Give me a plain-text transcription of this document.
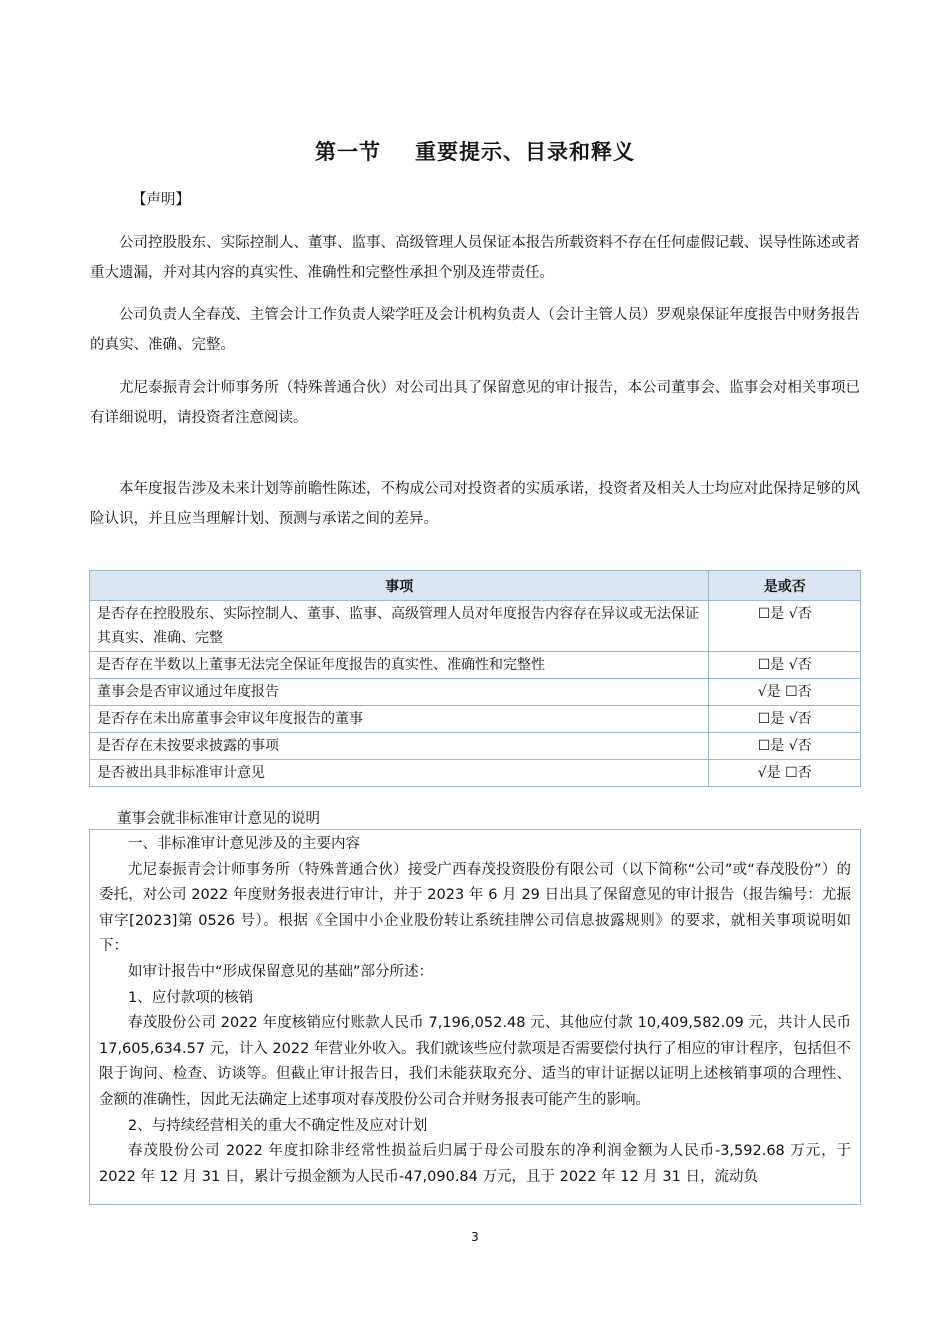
第一节 重要提示、目录和释义
【声明】

公司控股股东、实际控制人、董事、监事、高级管理人员保证本报告所载资料不存在任何虚假记载、误导性陈述或者重大遗漏，并对其内容的真实性、准确性和完整性承担个别及连带责任。

公司负责人全春茂、主管会计工作负责人梁学旺及会计机构负责人（会计主管人员）罗观泉保证年度报告中财务报告的真实、准确、完整。

尤尼泰振青会计师事务所（特殊普通合伙）对公司出具了保留意见的审计报告，本公司董事会、监事会对相关事项已有详细说明，请投资者注意阅读。

本年度报告涉及未来计划等前瞻性陈述，不构成公司对投资者的实质承诺，投资者及相关人士均应对此保持足够的风险认识，并且应当理解计划、预测与承诺之间的差异。

事项	是或否
是否存在控股股东、实际控制人、董事、监事、高级管理人员对年度报告内容存在异议或无法保证其真实、准确、完整	☐是 √否
是否存在半数以上董事无法完全保证年度报告的真实性、准确性和完整性	☐是 √否
董事会是否审议通过年度报告	√是 ☐否
是否存在未出席董事会审议年度报告的董事	☐是 √否
是否存在未按要求披露的事项	☐是 √否
是否被出具非标准审计意见	√是 ☐否
董事会就非标准审计意见的说明

一、非标准审计意见涉及的主要内容

尤尼泰振青会计师事务所（特殊普通合伙）接受广西春茂投资股份有限公司（以下简称“公司”或“春茂股份”）的委托，对公司 2022 年度财务报表进行审计，并于 2023 年 6 月 29 日出具了保留意见的审计报告（报告编号：尤振审字[2023]第 0526 号）。根据《全国中小企业股份转让系统挂牌公司信息披露规则》的要求，就相关事项说明如下：

如审计报告中“形成保留意见的基础”部分所述：

1、应付款项的核销

春茂股份公司 2022 年度核销应付账款人民币 7,196,052.48 元、其他应付款 10,409,582.09 元，共计人民币 17,605,634.57 元，计入 2022 年营业外收入。我们就该些应付款项是否需要偿付执行了相应的审计程序，包括但不限于询问、检查、访谈等。但截止审计报告日，我们未能获取充分、适当的审计证据以证明上述核销事项的合理性、金额的准确性，因此无法确定上述事项对春茂股份公司合并财务报表可能产生的影响。

2、与持续经营相关的重大不确定性及应对计划

春茂股份公司 2022 年度扣除非经常性损益后归属于母公司股东的净利润金额为人民币-3,592.68 万元，于 2022 年 12 月 31 日，累计亏损金额为人民币-47,090.84 万元，且于 2022 年 12 月 31 日，流动负

3
